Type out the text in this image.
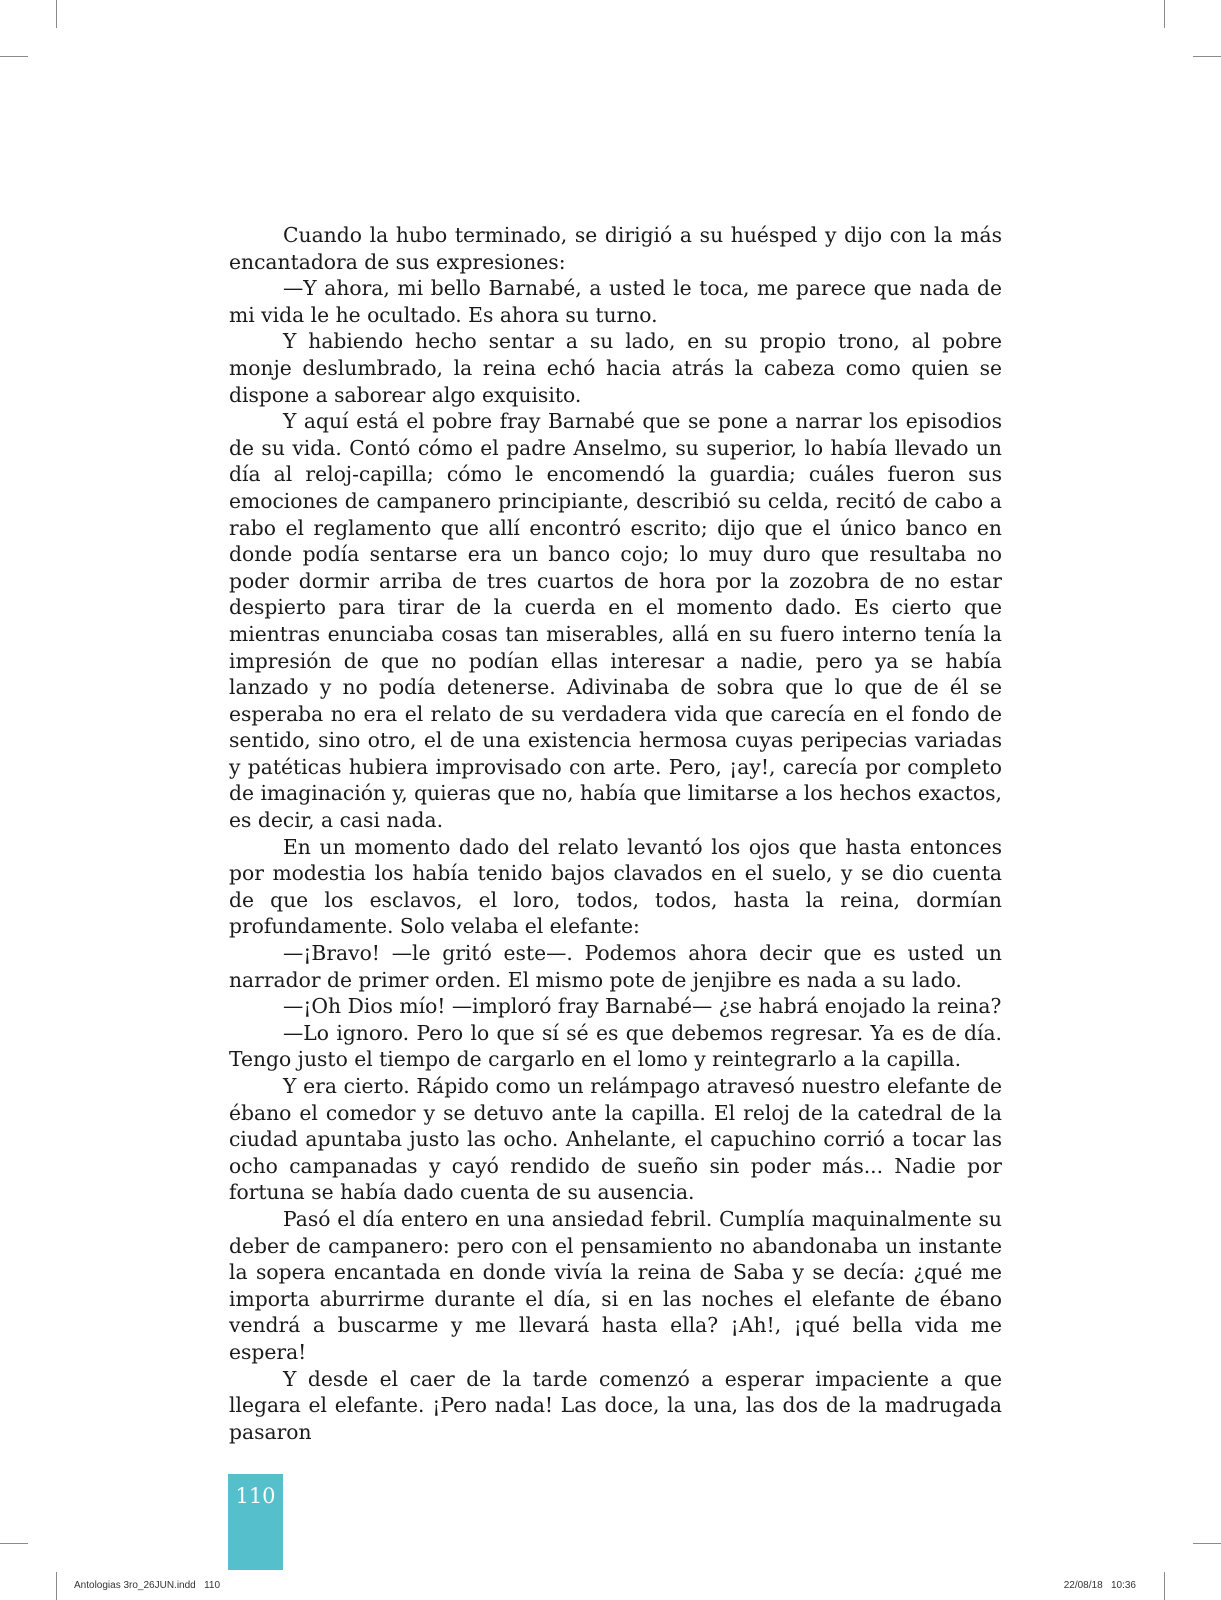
Cuando la hubo terminado, se dirigió a su huésped y dijo con la más encantadora de sus expresiones:

—Y ahora, mi bello Barnabé, a usted le toca, me parece que nada de mi vida le he ocultado. Es ahora su turno.

Y habiendo hecho sentar a su lado, en su propio trono, al pobre monje deslumbrado, la reina echó hacia atrás la cabeza como quien se dispone a saborear algo exquisito.

Y aquí está el pobre fray Barnabé que se pone a narrar los episodios de su vida. Contó cómo el padre Anselmo, su superior, lo había llevado un día al reloj-capilla; cómo le encomendó la guardia; cuáles fueron sus emociones de campanero principiante, describió su celda, recitó de cabo a rabo el reglamento que allí encontró escrito; dijo que el único banco en donde podía sentarse era un banco cojo; lo muy duro que resultaba no poder dormir arriba de tres cuartos de hora por la zozobra de no estar despierto para tirar de la cuerda en el momento dado. Es cierto que mientras enunciaba cosas tan miserables, allá en su fuero interno tenía la impresión de que no podían ellas interesar a nadie, pero ya se había lanzado y no podía detenerse. Adivinaba de sobra que lo que de él se esperaba no era el relato de su verdadera vida que carecía en el fondo de sentido, sino otro, el de una existencia hermosa cuyas peripecias variadas y patéticas hubiera improvisado con arte. Pero, ¡ay!, carecía por completo de imaginación y, quieras que no, había que limitarse a los hechos exactos, es decir, a casi nada.

En un momento dado del relato levantó los ojos que hasta entonces por modestia los había tenido bajos clavados en el suelo, y se dio cuenta de que los esclavos, el loro, todos, todos, hasta la reina, dormían profundamente. Solo velaba el elefante:

—¡Bravo! —le gritó este—. Podemos ahora decir que es usted un narrador de primer orden. El mismo pote de jenjibre es nada a su lado.

—¡Oh Dios mío! —imploró fray Barnabé— ¿se habrá enojado la reina?

—Lo ignoro. Pero lo que sí sé es que debemos regresar. Ya es de día. Tengo justo el tiempo de cargarlo en el lomo y reintegrarlo a la capilla.

Y era cierto. Rápido como un relámpago atravesó nuestro elefante de ébano el comedor y se detuvo ante la capilla. El reloj de la catedral de la ciudad apuntaba justo las ocho. Anhelante, el capuchino corrió a tocar las ocho campanadas y cayó rendido de sueño sin poder más... Nadie por fortuna se había dado cuenta de su ausencia.

Pasó el día entero en una ansiedad febril. Cumplía maquinalmente su deber de campanero: pero con el pensamiento no abandonaba un instante la sopera encantada en donde vivía la reina de Saba y se decía: ¿qué me importa aburrirme durante el día, si en las noches el elefante de ébano vendrá a buscarme y me llevará hasta ella? ¡Ah!, ¡qué bella vida me espera!

Y desde el caer de la tarde comenzó a esperar impaciente a que llegara el elefante. ¡Pero nada! Las doce, la una, las dos de la madrugada pasaron

110
Antologias 3ro_26JUN.indd   110	22/08/18   10:36
